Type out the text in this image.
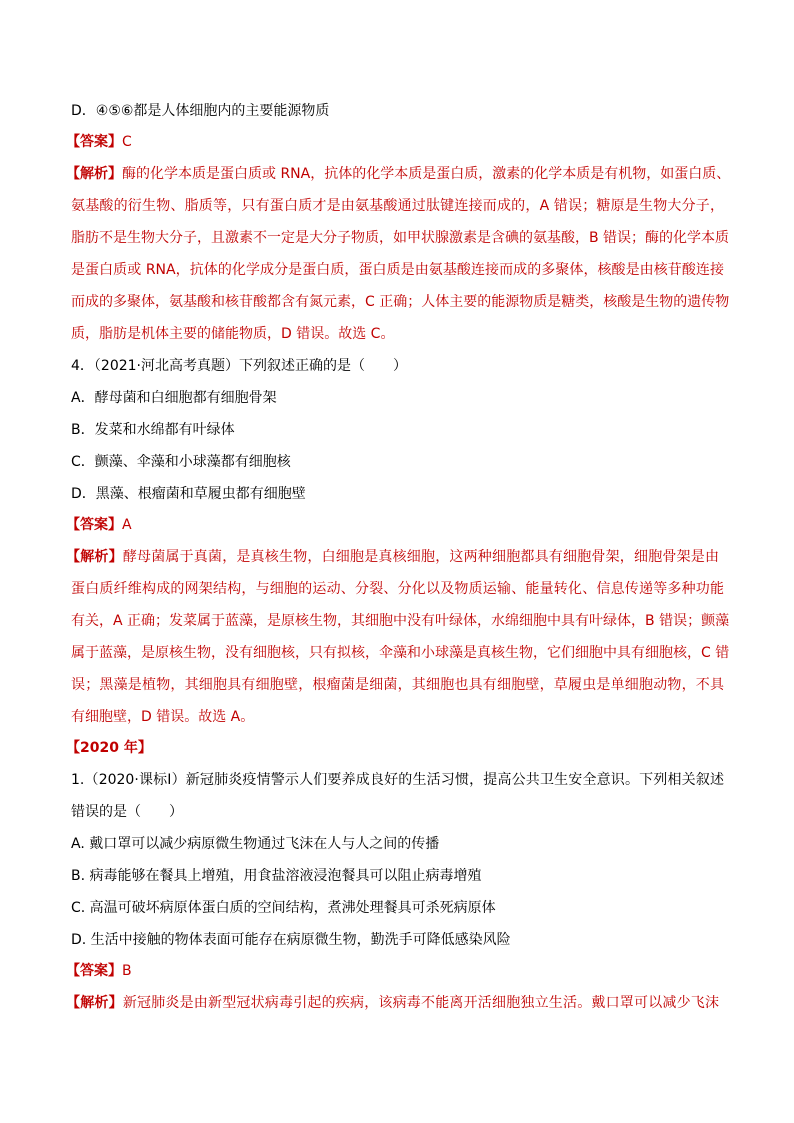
D．④⑤⑥都是人体细胞内的主要能源物质
【答案】C
【解析】酶的化学本质是蛋白质或 RNA，抗体的化学本质是蛋白质，激素的化学本质是有机物，如蛋白质、
氨基酸的衍生物、脂质等，只有蛋白质才是由氨基酸通过肽键连接而成的，A 错误；糖原是生物大分子，
脂肪不是生物大分子，且激素不一定是大分子物质，如甲状腺激素是含碘的氨基酸，B 错误；酶的化学本质
是蛋白质或 RNA，抗体的化学成分是蛋白质，蛋白质是由氨基酸连接而成的多聚体，核酸是由核苷酸连接
而成的多聚体，氨基酸和核苷酸都含有氮元素，C 正确；人体主要的能源物质是糖类，核酸是生物的遗传物
质，脂肪是机体主要的储能物质，D 错误。故选 C。
4．（2021·河北高考真题）下列叙述正确的是（　　）
A．酵母菌和白细胞都有细胞骨架
B．发菜和水绵都有叶绿体
C．颤藻、伞藻和小球藻都有细胞核
D．黑藻、根瘤菌和草履虫都有细胞壁
【答案】A
【解析】酵母菌属于真菌，是真核生物，白细胞是真核细胞，这两种细胞都具有细胞骨架，细胞骨架是由
蛋白质纤维构成的网架结构，与细胞的运动、分裂、分化以及物质运输、能量转化、信息传递等多种功能
有关，A 正确；发菜属于蓝藻，是原核生物，其细胞中没有叶绿体，水绵细胞中具有叶绿体，B 错误；颤藻
属于蓝藻，是原核生物，没有细胞核，只有拟核，伞藻和小球藻是真核生物，它们细胞中具有细胞核，C 错
误；黑藻是植物，其细胞具有细胞壁，根瘤菌是细菌，其细胞也具有细胞壁，草履虫是单细胞动物，不具
有细胞壁，D 错误。故选 A。
【2020 年】
1.（2020·课标Ⅰ）新冠肺炎疫情警示人们要养成良好的生活习惯，提高公共卫生安全意识。下列相关叙述
错误的是（　　）
A. 戴口罩可以减少病原微生物通过飞沫在人与人之间的传播
B. 病毒能够在餐具上增殖，用食盐溶液浸泡餐具可以阻止病毒增殖
C. 高温可破坏病原体蛋白质的空间结构，煮沸处理餐具可杀死病原体
D. 生活中接触的物体表面可能存在病原微生物，勤洗手可降低感染风险
【答案】B
【解析】新冠肺炎是由新型冠状病毒引起的疾病，该病毒不能离开活细胞独立生活。戴口罩可以减少飞沫
